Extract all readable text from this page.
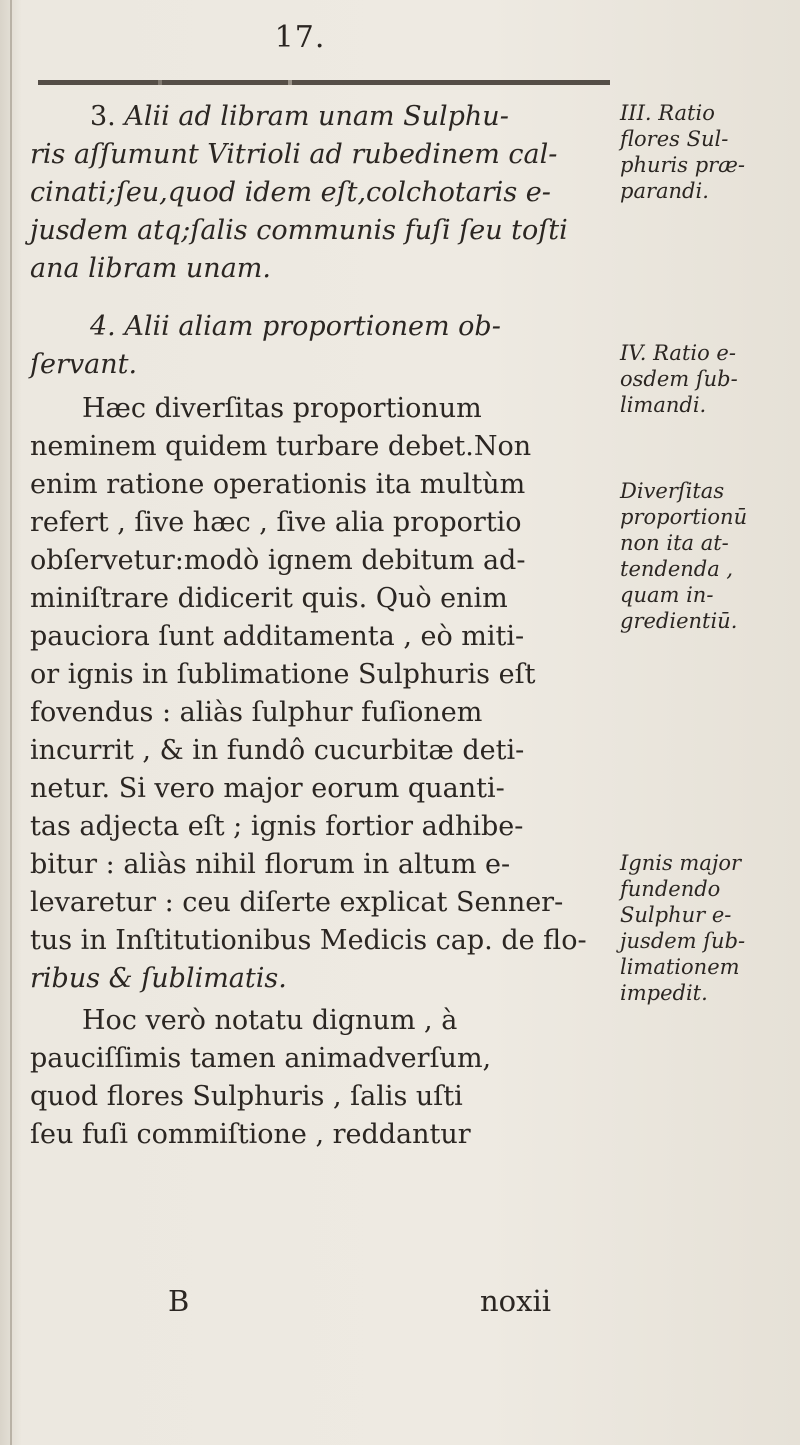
17.

3. Alii ad libram unam Sulphu-
ris aſſumunt Vitrioli ad rubedinem cal-
cinati;ſeu,quod idem eſt,colchotaris e-
jusdem atq;ſalis communis fuſi ſeu toſti
ana libram unam.

4. Alii aliam proportionem ob-
ſervant.

Hæc diverſitas proportionum
neminem quidem turbare debet.Non
enim ratione operationis ita multùm
refert , ſive hæc , ſive alia proportio
obſervetur:modò ignem debitum ad-
miniſtrare didicerit quis. Quò enim
pauciora ſunt additamenta , eò miti-
or ignis in ſublimatione Sulphuris eſt
fovendus : aliàs ſulphur fuſionem
incurrit , & in fundô cucurbitæ deti-
netur. Si vero major eorum quanti-
tas adjecta eſt ; ignis fortior adhibe-
bitur : aliàs nihil florum in altum e-
levaretur : ceu diſerte explicat Senner-
tus in Inſtitutionibus Medicis cap. de flo-
ribus & ſublimatis.

Hoc verò notatu dignum , à
pauciſſimis tamen animadverſum,
quod flores Sulphuris , ſalis uſti
ſeu fuſi commiſtione , reddantur

III. Ratio
flores Sul-
phuris præ-
parandi.
IV. Ratio e-
osdem ſub-
limandi.
Diverſitas
proportionū
non ita at-
tendenda ,
quam in-
gredientiū.
Ignis major
fundendo
Sulphur e-
jusdem ſub-
limationem
impedit.
B	noxii
